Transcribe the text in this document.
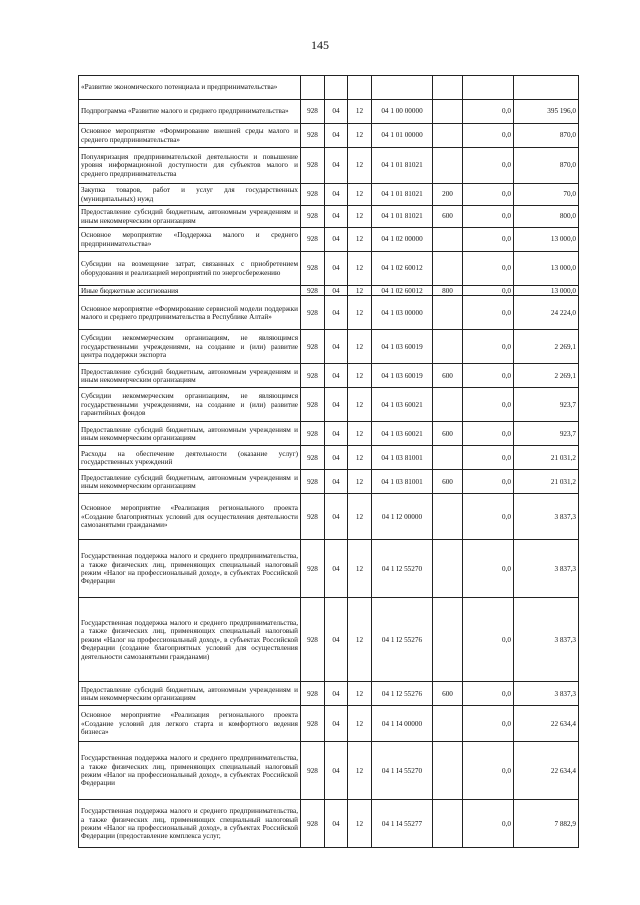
145
«Развитие экономического потенциала и предпринимательства»							
Подпрограмма «Развитие малого и среднего предпринимательства»	928	04	12	04 1 00 00000		0,0	395 196,0
Основное мероприятие «Формирование внешней среды малого и среднего предпринимательства»	928	04	12	04 1 01 00000		0,0	870,0
Популяризация предпринимательской деятельности и повышение уровня информационной доступности для субъектов малого и среднего предпринимательства	928	04	12	04 1 01 81021		0,0	870,0
Закупка товаров, работ и услуг для государственных (муниципальных) нужд	928	04	12	04 1 01 81021	200	0,0	70,0
Предоставление субсидий бюджетным, автономным учреждениям и иным некоммерческим организациям	928	04	12	04 1 01 81021	600	0,0	800,0
Основное мероприятие «Поддержка малого и среднего предпринимательства»	928	04	12	04 1 02 00000		0,0	13 000,0
Субсидии на возмещение затрат, связанных с приобретением оборудования и реализацией мероприятий по энергосбережению	928	04	12	04 1 02 60012		0,0	13 000,0
Иные бюджетные ассигнования	928	04	12	04 1 02 60012	800	0,0	13 000,0
Основное мероприятие «Формирование сервисной модели поддержки малого и среднего предпринимательства в Республике Алтай»	928	04	12	04 1 03 00000		0,0	24 224,0
Субсидии некоммерческим организациям, не являющимся государственными учреждениями, на создание и (или) развитие центра поддержки экспорта	928	04	12	04 1 03 60019		0,0	2 269,1
Предоставление субсидий бюджетным, автономным учреждениям и иным некоммерческим организациям	928	04	12	04 1 03 60019	600	0,0	2 269,1
Субсидии некоммерческим организациям, не являющимся государственными учреждениями, на создание и (или) развитие гарантийных фондов	928	04	12	04 1 03 60021		0,0	923,7
Предоставление субсидий бюджетным, автономным учреждениям и иным некоммерческим организациям	928	04	12	04 1 03 60021	600	0,0	923,7
Расходы на обеспечение деятельности (оказание услуг) государственных учреждений	928	04	12	04 1 03 81001		0,0	21 031,2
Предоставление субсидий бюджетным, автономным учреждениям и иным некоммерческим организациям	928	04	12	04 1 03 81001	600	0,0	21 031,2
Основное мероприятие «Реализация регионального проекта «Создание благоприятных условий для осуществления деятельности самозанятыми гражданами»	928	04	12	04 1 I2 00000		0,0	3 837,3
Государственная поддержка малого и среднего предпринимательства, а также физических лиц, применяющих специальный налоговый режим «Налог на профессиональный доход», в субъектах Российской Федерации	928	04	12	04 1 I2 55270		0,0	3 837,3
Государственная поддержка малого и среднего предпринимательства, а также физических лиц, применяющих специальный налоговый режим «Налог на профессиональный доход», в субъектах Российской Федерации (создание благоприятных условий для осуществления деятельности самозанятыми гражданами)	928	04	12	04 1 I2 55276		0,0	3 837,3
Предоставление субсидий бюджетным, автономным учреждениям и иным некоммерческим организациям	928	04	12	04 1 I2 55276	600	0,0	3 837,3
Основное мероприятие «Реализация регионального проекта «Создание условий для легкого старта и комфортного ведения бизнеса»	928	04	12	04 1 I4 00000		0,0	22 634,4
Государственная поддержка малого и среднего предпринимательства, а также физических лиц, применяющих специальный налоговый режим «Налог на профессиональный доход», в субъектах Российской Федерации	928	04	12	04 1 I4 55270		0,0	22 634,4
Государственная поддержка малого и среднего предпринимательства, а также физических лиц, применяющих специальный налоговый режим «Налог на профессиональный доход», в субъектах Российской Федерации (предоставление комплекса услуг,	928	04	12	04 1 I4 55277		0,0	7 882,9
